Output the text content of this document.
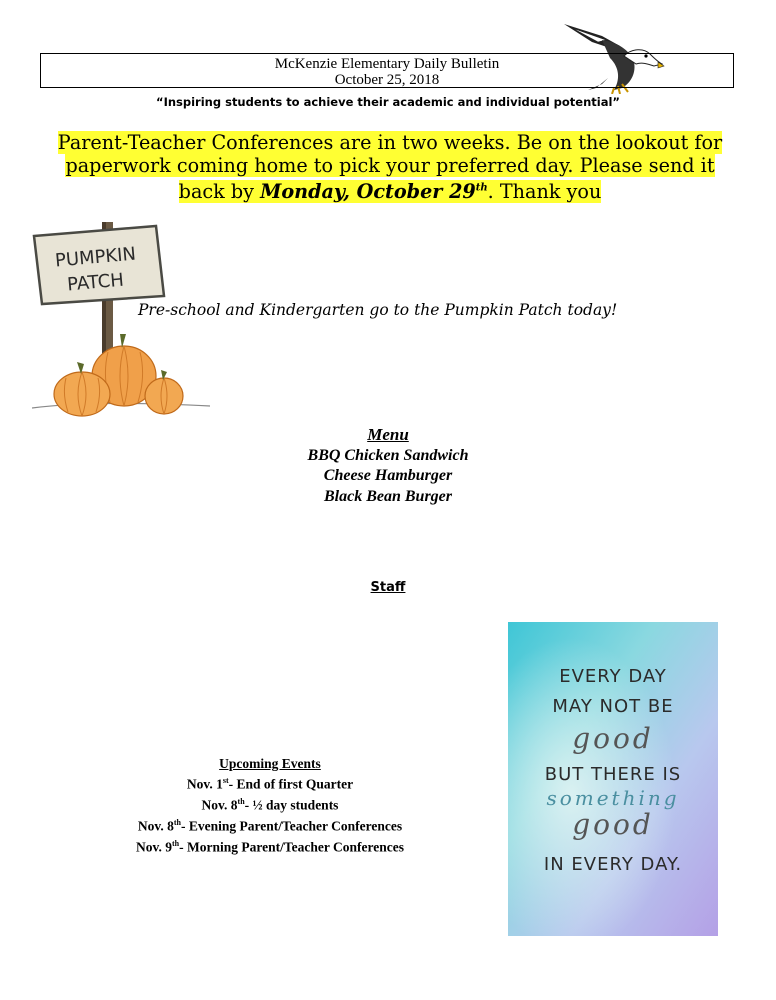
McKenzie Elementary Daily Bulletin
October 25, 2018
“Inspiring students to achieve their academic and individual potential”
Parent-Teacher Conferences are in two weeks. Be on the lookout for
paperwork coming home to pick your preferred day. Please send it
back by Monday, October 29th. Thank you
PUMPKIN
PATCH
Pre-school and Kindergarten go to the Pumpkin Patch today!
Menu
BBQ Chicken Sandwich
Cheese Hamburger
Black Bean Burger
Staff
Upcoming Events
Nov. 1st- End of first Quarter
Nov. 8th- ½ day students
Nov. 8th- Evening Parent/Teacher Conferences
Nov. 9th- Morning Parent/Teacher Conferences
EVERY DAY
MAY NOT BE
good
BUT THERE IS
something
good
IN EVERY DAY.
